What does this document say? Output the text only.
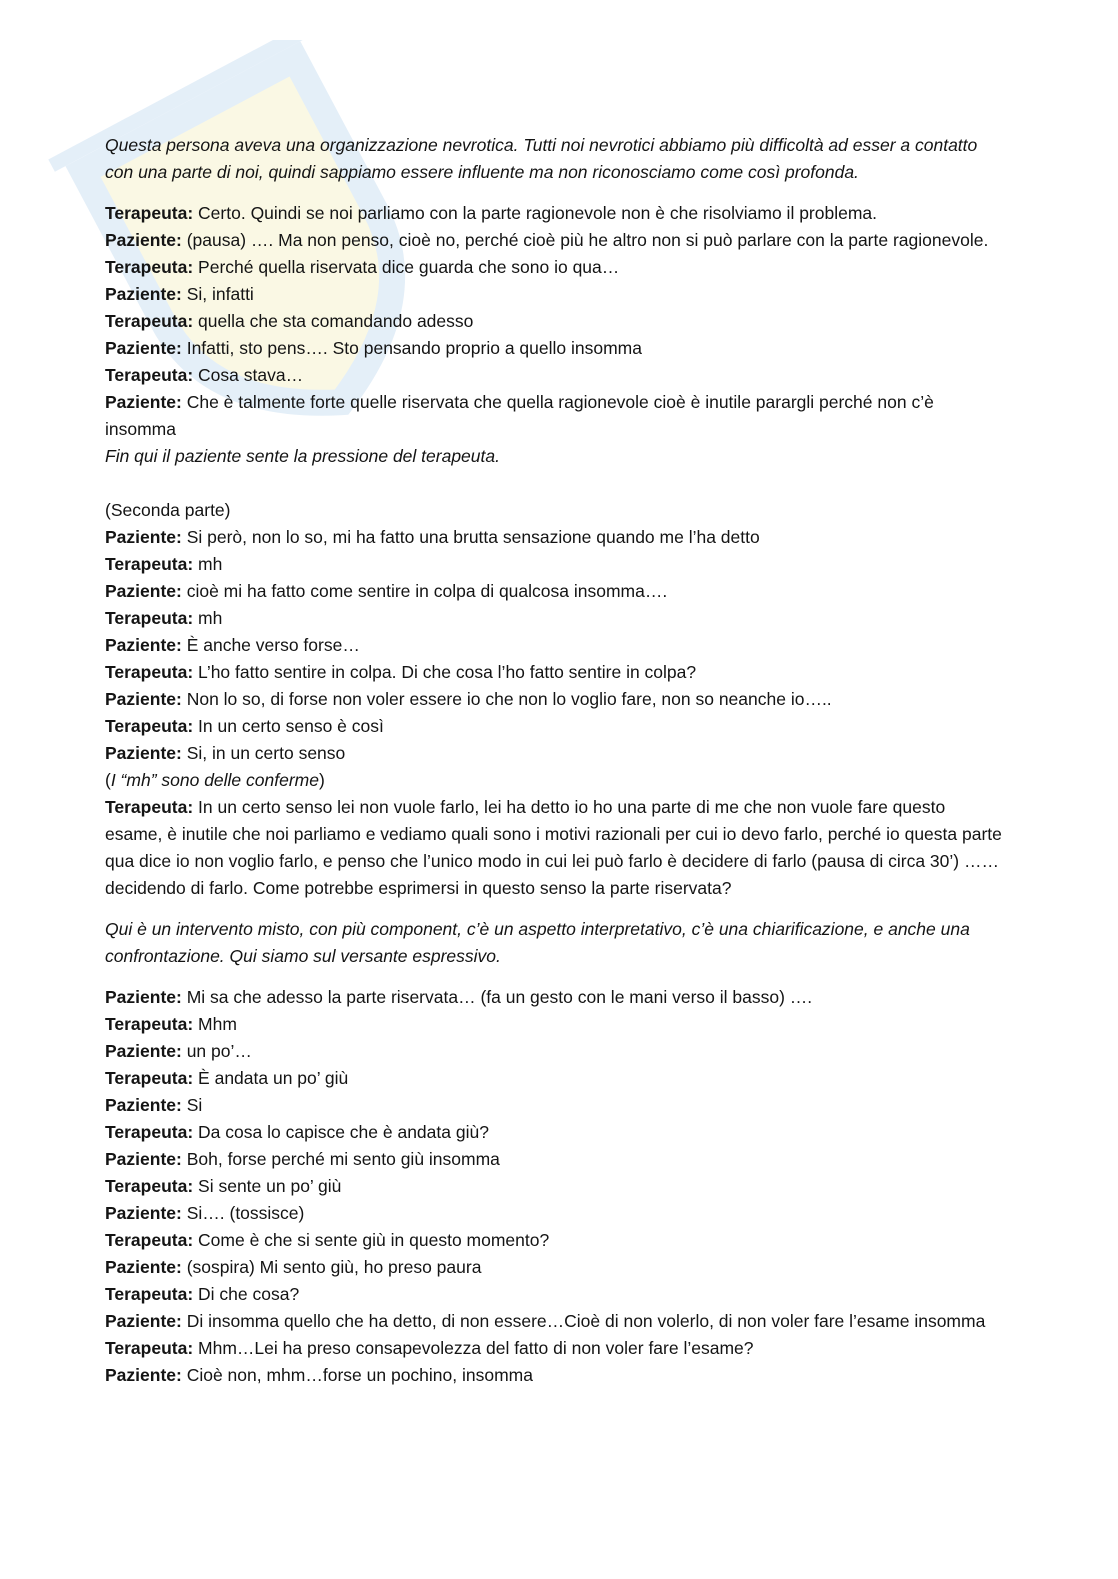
Questa persona aveva una organizzazione nevrotica. Tutti noi nevrotici abbiamo più difficoltà ad esser a contatto con una parte di noi, quindi sappiamo essere influente ma non riconosciamo come così profonda.

Terapeuta: Certo. Quindi se noi parliamo con la parte ragionevole non è che risolviamo il problema.

Paziente: (pausa) …. Ma non penso, cioè no, perché cioè più he altro non si può parlare con la parte ragionevole.

Terapeuta: Perché quella riservata dice guarda che sono io qua…

Paziente: Si, infatti

Terapeuta: quella che sta comandando adesso

Paziente: Infatti, sto pens…. Sto pensando proprio a quello insomma

Terapeuta: Cosa stava…

Paziente: Che è talmente forte quelle riservata che quella ragionevole cioè è inutile parargli perché non c’è insomma

Fin qui il paziente sente la pressione del terapeuta.

(Seconda parte)

Paziente: Si però, non lo so, mi ha fatto una brutta sensazione quando me l’ha detto

Terapeuta: mh

Paziente: cioè mi ha fatto come sentire in colpa di qualcosa insomma….

Terapeuta: mh

Paziente: È anche verso forse…

Terapeuta: L’ho fatto sentire in colpa. Di che cosa l’ho fatto sentire in colpa?

Paziente: Non lo so, di forse non voler essere io che non lo voglio fare, non so neanche io…..

Terapeuta: In un certo senso è così

Paziente: Si, in un certo senso

(I “mh” sono delle conferme)

Terapeuta: In un certo senso lei non vuole farlo, lei ha detto io ho una parte di me che non vuole fare questo esame, è inutile che noi parliamo e vediamo quali sono i motivi razionali per cui io devo farlo, perché io questa parte qua dice io non voglio farlo, e penso che l’unico modo in cui lei può farlo è decidere di farlo (pausa di circa 30’) ……decidendo di farlo. Come potrebbe esprimersi in questo senso la parte riservata?

Qui è un intervento misto, con più component, c’è un aspetto interpretativo, c’è una chiarificazione, e anche una confrontazione. Qui siamo sul versante espressivo.

Paziente: Mi sa che adesso la parte riservata… (fa un gesto con le mani verso il basso) ….

Terapeuta: Mhm

Paziente: un po’…

Terapeuta: È andata un po’ giù

Paziente: Si

Terapeuta: Da cosa lo capisce che è andata giù?

Paziente: Boh, forse perché mi sento giù insomma

Terapeuta: Si sente un po’ giù

Paziente: Si…. (tossisce)

Terapeuta: Come è che si sente giù in questo momento?

Paziente: (sospira) Mi sento giù, ho preso paura

Terapeuta: Di che cosa?

Paziente: Di insomma quello che ha detto, di non essere…Cioè di non volerlo, di non voler fare l’esame insomma

Terapeuta: Mhm…Lei ha preso consapevolezza del fatto di non voler fare l’esame?

Paziente: Cioè non, mhm…forse un pochino, insomma
